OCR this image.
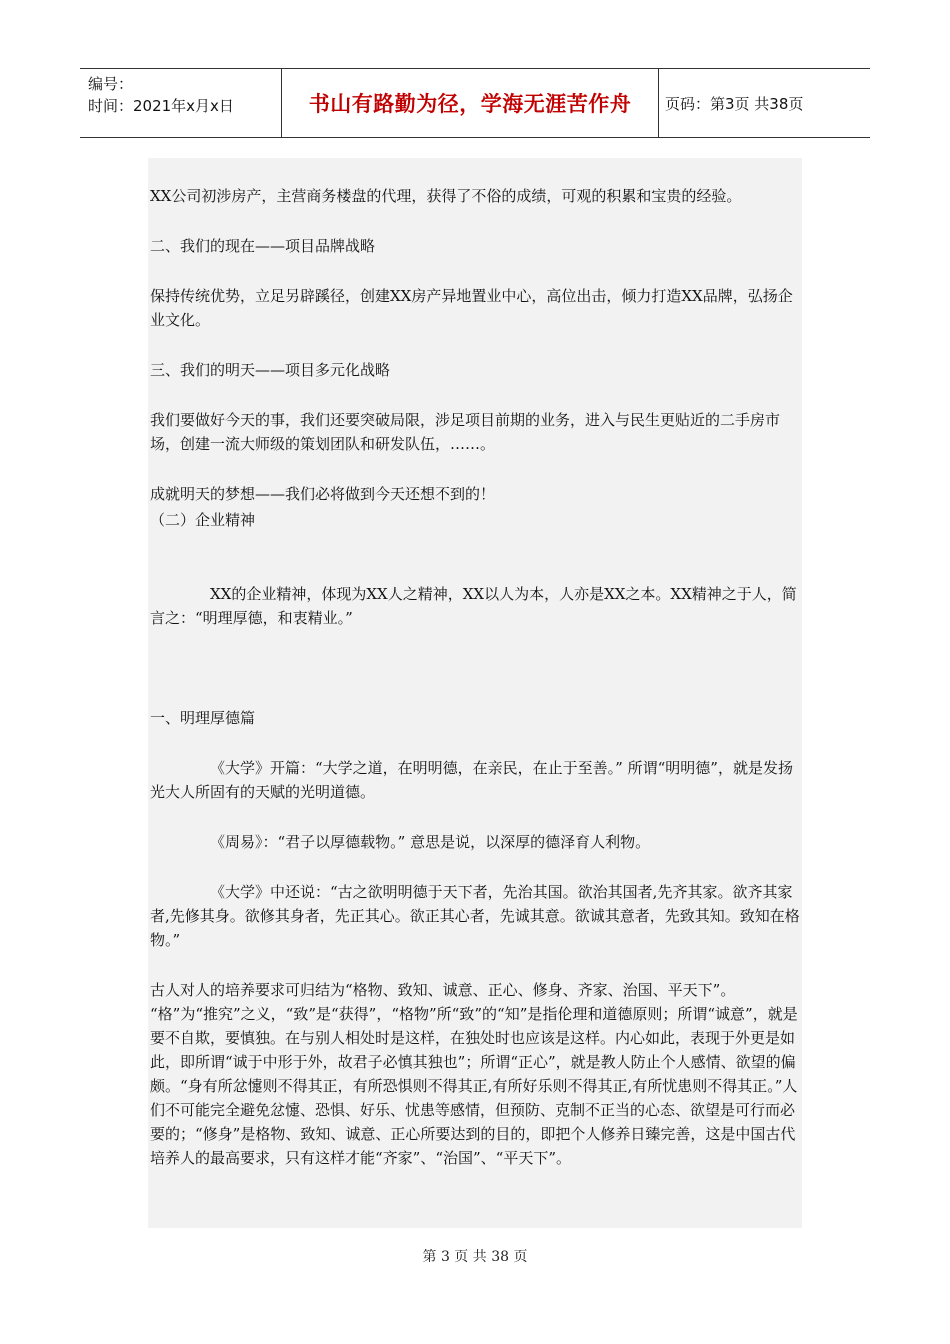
编号：
时间：2021年x月x日	书山有路勤为径，学海无涯苦作舟	页码：第3页 共38页

XX公司初涉房产，主营商务楼盘的代理，获得了不俗的成绩，可观的积累和宝贵的经验。

二、我们的现在——项目品牌战略

保持传统优势，立足另辟蹊径，创建XX房产异地置业中心，高位出击，倾力打造XX品牌，弘扬企业文化。

三、我们的明天——项目多元化战略

我们要做好今天的事，我们还要突破局限，涉足项目前期的业务，进入与民生更贴近的二手房市场，创建一流大师级的策划团队和研发队伍，……。

成就明天的梦想——我们必将做到今天还想不到的！

（二）企业精神

XX的企业精神，体现为XX人之精神，XX以人为本，人亦是XX之本。XX精神之于人，简言之：“明理厚德，和衷精业。”

一、明理厚德篇

《大学》开篇：“大学之道，在明明德，在亲民，在止于至善。” 所谓“明明德”，就是发扬光大人所固有的天赋的光明道德。

《周易》：“君子以厚德载物。” 意思是说，以深厚的德泽育人利物。

《大学》中还说：“古之欲明明德于天下者，先治其国。欲治其国者,先齐其家。欲齐其家者,先修其身。欲修其身者，先正其心。欲正其心者，先诚其意。欲诚其意者，先致其知。致知在格物。”

古人对人的培养要求可归结为“格物、致知、诚意、正心、修身、齐家、治国、平天下”。 “格”为“推究”之义，“致”是“获得”，“格物”所“致”的“知”是指伦理和道德原则；所谓“诚意”，就是要不自欺，要慎独。在与别人相处时是这样，在独处时也应该是这样。内心如此，表现于外更是如此，即所谓“诚于中形于外，故君子必慎其独也”；所谓“正心”，就是教人防止个人感情、欲望的偏颇。“身有所忿懥则不得其正，有所恐惧则不得其正,有所好乐则不得其正,有所忧患则不得其正。”人们不可能完全避免忿懥、恐惧、好乐、忧患等感情，但预防、克制不正当的心态、欲望是可行而必要的；“修身”是格物、致知、诚意、正心所要达到的目的，即把个人修养日臻完善，这是中国古代培养人的最高要求，只有这样才能“齐家”、“治国”、“平天下”。

第 3 页 共 38 页
